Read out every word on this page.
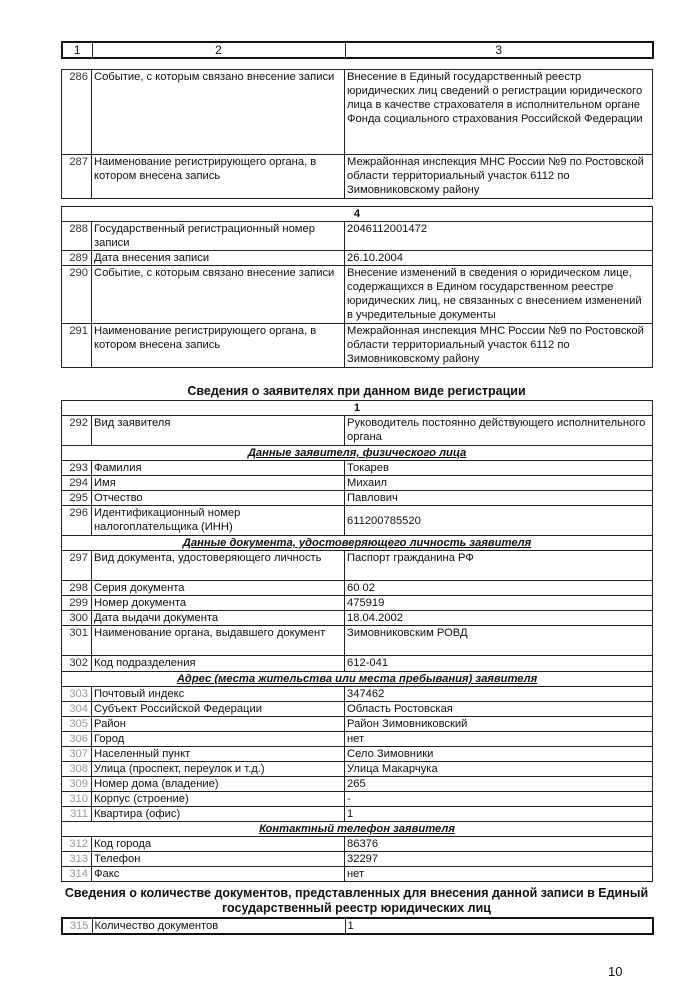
1	2	3
286	Событие, с которым связано внесение записи	Внесение в Единый государственный реестр юридических лиц сведений о регистрации юридического лица в качестве страхователя в исполнительном органе Фонда социального страхования Российской Федерации
287	Наименование регистрирующего органа, в котором внесена запись	Межрайонная инспекция МНС России №9 по Ростовской области территориальный участок 6112 по Зимовниковскому району
4		
288	Государственный регистрационный номер записи	2046112001472
289	Дата внесения записи	26.10.2004
290	Событие, с которым связано внесение записи	Внесение изменений в сведения о юридическом лице, содержащихся в Едином государственном реестре юридических лиц, не связанных с внесением изменений в учредительные документы
291	Наименование регистрирующего органа, в котором внесена запись	Межрайонная инспекция МНС России №9 по Ростовской области территориальный участок 6112 по Зимовниковскому району

Сведения о заявителях при данном виде регистрации

1		
292	Вид заявителя	Руководитель постоянно действующего исполнительного органа
Данные заявителя, физического лица		
293	Фамилия	Токарев
294	Имя	Михаил
295	Отчество	Павлович
296	Идентификационный номер налогоплательщика (ИНН)	611200785520
Данные документа, удостоверяющего личность заявителя		
297	Вид документа, удостоверяющего личность	Паспорт гражданина РФ
298	Серия документа	60 02
299	Номер документа	475919
300	Дата выдачи документа	18.04.2002
301	Наименование органа, выдавшего документ	Зимовниковским РОВД
302	Код подразделения	612-041
Адрес (места жительства или места пребывания) заявителя		
303	Почтовый индекс	347462
304	Субъект Российской Федерации	Область Ростовская
305	Район	Район Зимовниковский
306	Город	нет
307	Населенный пункт	Село Зимовники
308	Улица (проспект, переулок и т.д.)	Улица Макарчука
309	Номер дома (владение)	265
310	Корпус (строение)	-
311	Квартира (офис)	1
Контактный телефон заявителя		
312	Код города	86376
313	Телефон	32297
314	Факс	нет

Сведения о количестве документов, представленных для внесения данной записи в Единый государственный реестр юридических лиц

315	Количество документов	1
10
